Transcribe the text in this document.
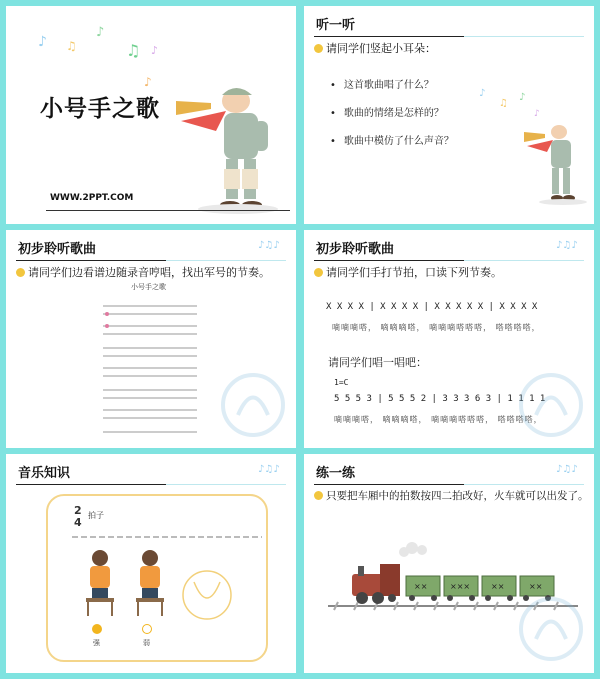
♪ ♫
♪
♫ ♪
♪
小号手之歌
WWW.2PPT.COM
听一听
请同学们竖起小耳朵：
• 这首歌曲唱了什么？
• 歌曲的情绪是怎样的？
• 歌曲中模仿了什么声音？
♪
♫
♪
♪
初步聆听歌曲	♪♫♪
请同学们边看谱边随录音哼唱，找出军号的节奏。
小号手之歌
初步聆听歌曲	♪♫♪
请同学们手打节拍，口读下列节奏。
X X X X | X X X X | X X X X X | X X X X
嘀嘀嘀嗒， 嘀嘀嘀嗒， 嘀嘀嘀嗒嗒嗒， 嗒嗒嗒嗒，
请同学们唱一唱吧：
1=C
5 5 5 3 | 5 5 5 2 | 3 3 3 6 3 | 1 1 1 1
嘀嘀嘀嗒， 嘀嘀嘀嗒， 嘀嘀嘀嗒嗒嗒， 嗒嗒嗒嗒，
音乐知识	♪♫♪
2
4
拍子
强	弱
练一练	♪♫♪
只要把车厢中的拍数按四二拍改好，火车就可以出发了。
××	×××	××	××
